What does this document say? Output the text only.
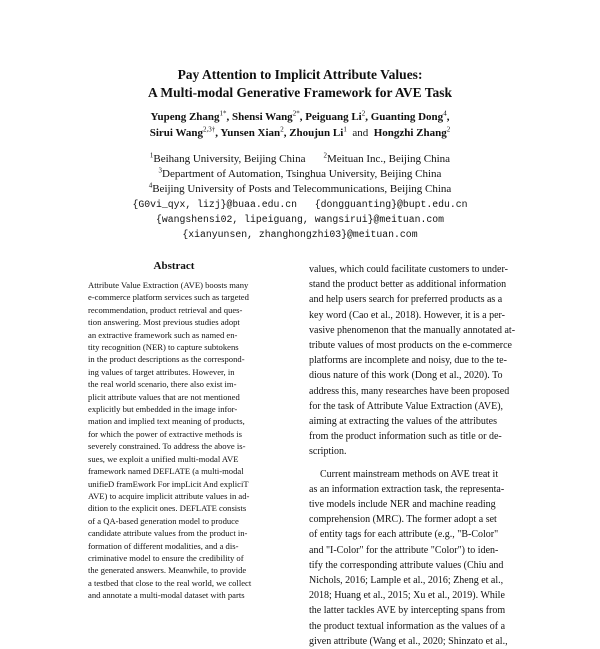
Pay Attention to Implicit Attribute Values:
A Multi-modal Generative Framework for AVE Task
Yupeng Zhang$^{1*}$, Shensi Wang$^{2*}$, Peiguang Li$^2$, Guanting Dong$^4$,
Sirui Wang$^{2,3\dagger}$, Yunsen Xian$^2$, Zhoujun Li$^1$ and Hongzhi Zhang$^2$
$^1$Beihang University, Beijing China	$^2$Meituan Inc., Beijing China
$^3$Department of Automation, Tsinghua University, Beijing China
$^4$Beijing University of Posts and Telecommunications, Beijing China
{G0vi_qyx, lizj}@buaa.edu.cn {dongguanting}@bupt.edu.cn
{wangshensi02, lipeiguang, wangsirui}@meituan.com
{xianyunsen, zhanghongzhi03}@meituan.com
Abstract
Attribute Value Extraction (AVE) boosts many
e-commerce platform services such as targeted
recommendation, product retrieval and ques-
tion answering. Most previous studies adopt
an extractive framework such as named en-
tity recognition (NER) to capture subtokens
in the product descriptions as the correspond-
ing values of target attributes. However, in
the real world scenario, there also exist im-
plicit attribute values that are not mentioned
explicitly but embedded in the image infor-
mation and implied text meaning of products,
for which the power of extractive methods is
severely constrained. To address the above is-
sues, we exploit a unified multi-modal AVE
framework named DEFLATE (a multi-modal
unifieD framEwork For impLicit And expliciT
AVE) to acquire implicit attribute values in ad-
dition to the explicit ones. DEFLATE consists
of a QA-based generation model to produce
candidate attribute values from the product in-
formation of different modalities, and a dis-
criminative model to ensure the credibility of
the generated answers. Meanwhile, to provide
a testbed that close to the real world, we collect
and annotate a multi-modal dataset with parts
values, which could facilitate customers to under-
stand the product better as additional information
and help users search for preferred products as a
key word (Cao et al., 2018). However, it is a per-
vasive phenomenon that the manually annotated at-
tribute values of most products on the e-commerce
platforms are incomplete and noisy, due to the te-
dious nature of this work (Dong et al., 2020). To
address this, many researches have been proposed
for the task of Attribute Value Extraction (AVE),
aiming at extracting the values of the attributes
from the product information such as title or de-
scription.
Current mainstream methods on AVE treat it
as an information extraction task, the representa-
tive models include NER and machine reading
comprehension (MRC). The former adopt a set
of entity tags for each attribute (e.g., "B-Color"
and "I-Color" for the attribute "Color") to iden-
tify the corresponding attribute values (Chiu and
Nichols, 2016; Lample et al., 2016; Zheng et al.,
2018; Huang et al., 2015; Xu et al., 2019). While
the latter tackles AVE by intercepting spans from
the product textual information as the values of a
given attribute (Wang et al., 2020; Shinzato et al.,
